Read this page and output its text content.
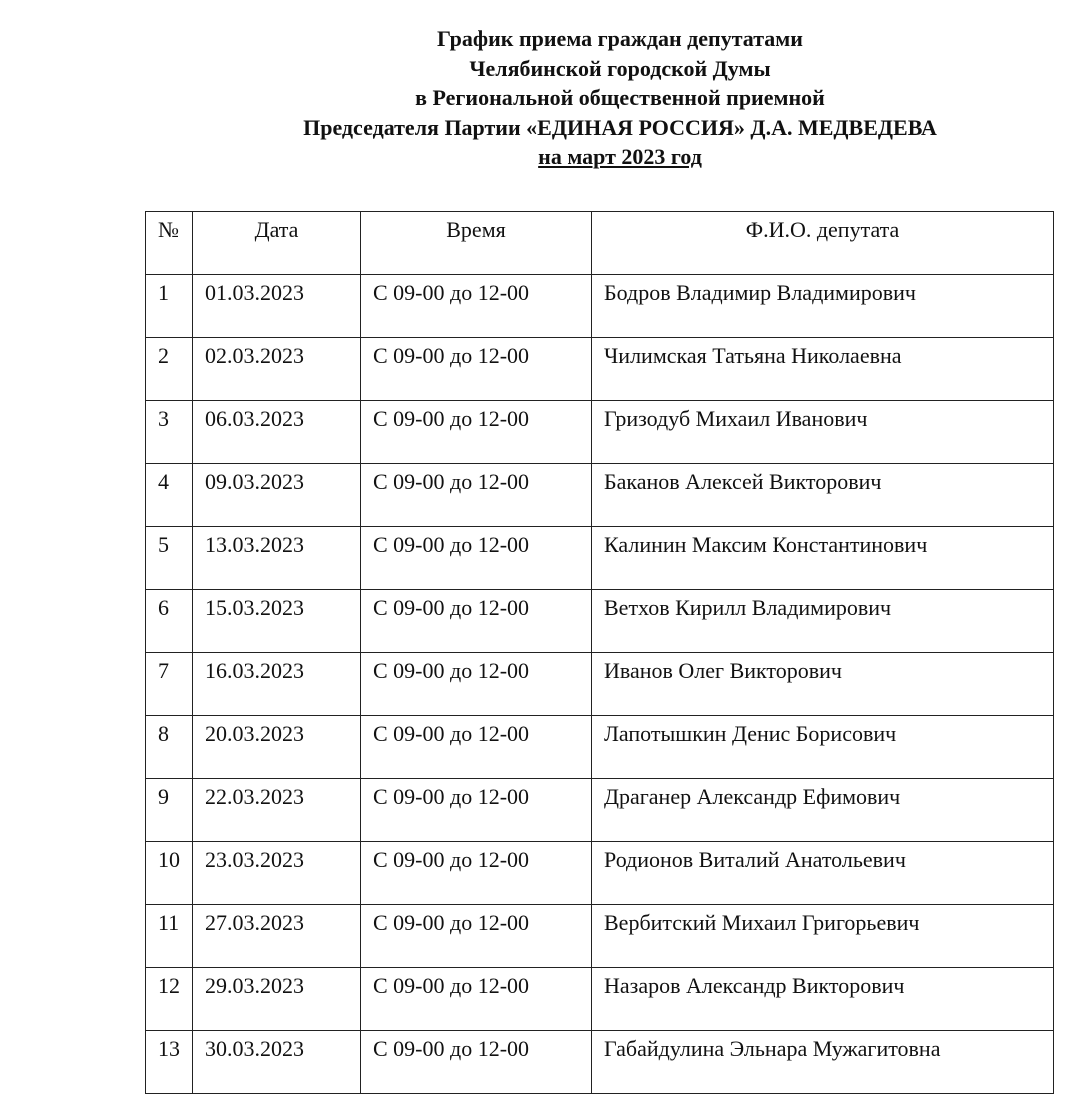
График приема граждан депутатами
Челябинской городской Думы
в Региональной общественной приемной
Председателя Партии «ЕДИНАЯ РОССИЯ» Д.А. МЕДВЕДЕВА
на март 2023 год
№	Дата	Время	Ф.И.О. депутата
1	01.03.2023	С 09-00 до 12-00	Бодров Владимир Владимирович
2	02.03.2023	С 09-00 до 12-00	Чилимская Татьяна Николаевна
3	06.03.2023	С 09-00 до 12-00	Гризодуб Михаил Иванович
4	09.03.2023	С 09-00 до 12-00	Баканов Алексей Викторович
5	13.03.2023	С 09-00 до 12-00	Калинин Максим Константинович
6	15.03.2023	С 09-00 до 12-00	Ветхов Кирилл Владимирович
7	16.03.2023	С 09-00 до 12-00	Иванов Олег Викторович
8	20.03.2023	С 09-00 до 12-00	Лапотышкин Денис Борисович
9	22.03.2023	С 09-00 до 12-00	Драганер Александр Ефимович
10	23.03.2023	С 09-00 до 12-00	Родионов Виталий Анатольевич
11	27.03.2023	С 09-00 до 12-00	Вербитский Михаил Григорьевич
12	29.03.2023	С 09-00 до 12-00	Назаров Александр Викторович
13	30.03.2023	С 09-00 до 12-00	Габайдулина Эльнара Мужагитовна
